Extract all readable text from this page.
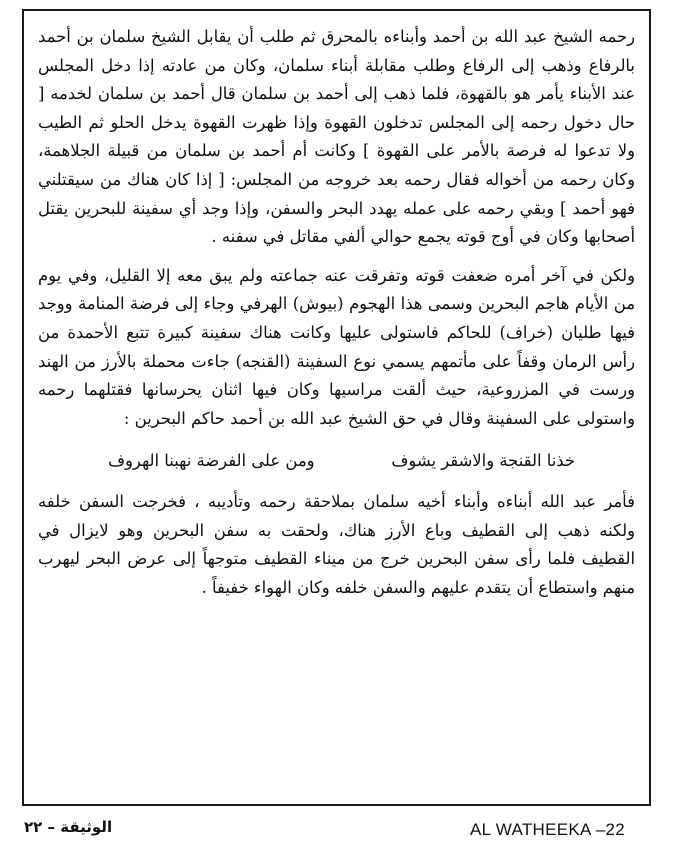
رحمه الشيخ عبد الله بن أحمد وأبناءه بالمحرق ثم طلب أن يقابل الشيخ سلمان بن أحمد بالرفاع وذهب إلى الرفاع وطلب مقابلة أبناء سلمان، وكان من عادته إذا دخل المجلس عند الأبناء يأمر هو بالقهوة، فلما ذهب إلى أحمد بن سلمان قال أحمد بن سلمان لخدمه [ حال دخول رحمه إلى المجلس تدخلون القهوة وإذا ظهرت القهوة يدخل الحلو ثم الطيب ولا تدعوا له فرصة بالأمر على القهوة ] وكانت أم أحمد بن سلمان من قبيلة الجلاهمة، وكان رحمه من أخواله فقال رحمه بعد خروجه من المجلس: [ إذا كان هناك من سيقتلني فهو أحمد ] وبقي رحمه على عمله يهدد البحر والسفن، وإذا وجد أي سفينة للبحرين يقتل أصحابها وكان في أوج قوته يجمع حوالي ألفي مقاتل في سفنه .

ولكن في آخر أمره ضعفت قوته وتفرقت عنه جماعته ولم يبق معه إلا القليل، وفي يوم من الأيام هاجم البحرين وسمى هذا الهجوم (بيوش) الهرفي وجاء إلى فرضة المنامة ووجد فيها طليان (خراف) للحاكم فاستولى عليها وكانت هناك سفينة كبيرة تتبع الأحمدة من رأس الرمان وقفاً على مأتمهم يسمي نوع السفينة (القنجه) جاءت محملة بالأرز من الهند ورست في المزروعية، حيث ألقت مراسيها وكان فيها اثنان يحرسانها فقتلهما رحمه واستولى على السفينة وقال في حق الشيخ عبد الله بن أحمد حاكم البحرين :

خذنا القنجة والاشقر يشوف
ومن على الفرضة نهبنا الهروف

فأمر عبد الله أبناءه وأبناء أخيه سلمان بملاحقة رحمه وتأديبه ، فخرجت السفن خلفه ولكنه ذهب إلى القطيف وباع الأرز هناك، ولحقت به سفن البحرين وهو لايزال في القطيف فلما رأى سفن البحرين خرج من ميناء القطيف متوجهاً إلى عرض البحر ليهرب منهم واستطاع أن يتقدم عليهم والسفن خلفه وكان الهواء خفيفاً .

الوثيقة – ٢٢	AL WATHEEKA –22
